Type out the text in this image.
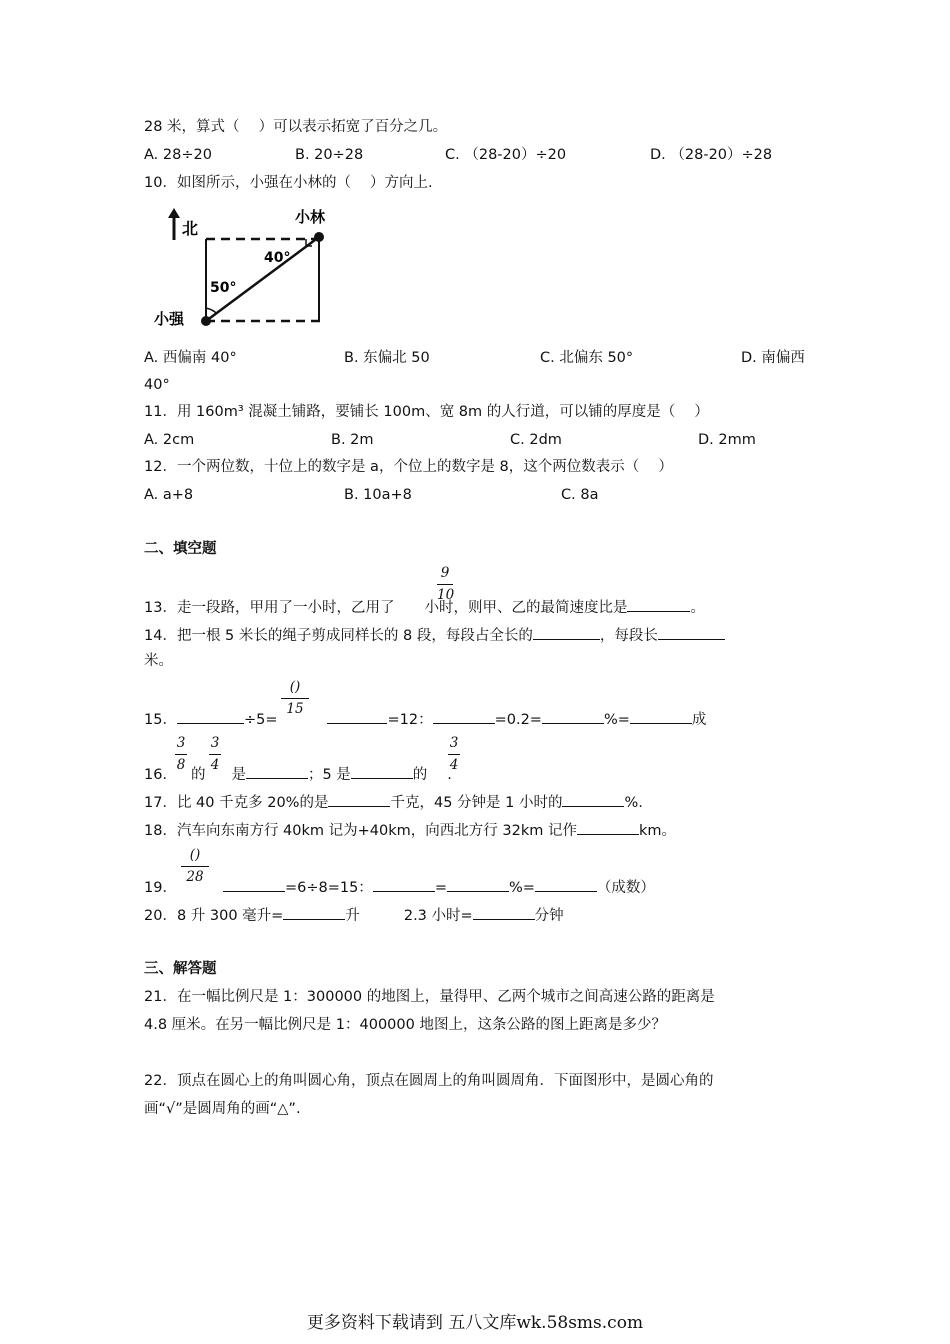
28 米，算式（　 ）可以表示拓宽了百分之几。
A. 28÷20	B. 20÷28	C. （28-20）÷20	D. （28-20）÷28
10．如图所示，小强在小林的（　 ）方向上.
北
小林
小强
40°
50°
A. 西偏南 40°	B. 东偏北 50	C. 北偏东 50°	D. 南偏西
40°
11．用 160m³ 混凝土铺路，要铺长 100m、宽 8m 的人行道，可以铺的厚度是（　 ）
A. 2cm	B. 2m	C. 2dm	D. 2mm
12．一个两位数，十位上的数字是 a，个位上的数字是 8，这个两位数表示（　 ）
A. a+8	B. 10a+8	C. 8a
二、填空题
9
10
13．走一段路，甲用了一小时，乙用了 小时，则甲、乙的最简速度比是	。
14．把一根 5 米长的绳子剪成同样长的 8 段，每段占全长的	，每段长
米。
()
15
15．	÷5=	=12：	=0.2=	%=	成
3
8
3
4
3
4
16． 的 是	；5 是	的 .
17．比 40 千克多 20%的是	千克，45 分钟是 1 小时的	%.
18．汽车向东南方行 40km 记为+40km，向西北方行 32km 记作	km。
()
28
19．	=6÷8=15：	=	%=	（成数）
20．8 升 300 毫升=	升	2.3 小时=	分钟
三、解答题
21．在一幅比例尺是 1：300000 的地图上，量得甲、乙两个城市之间高速公路的距离是
4.8 厘米。在另一幅比例尺是 1：400000 地图上，这条公路的图上距离是多少？
22．顶点在圆心上的角叫圆心角，顶点在圆周上的角叫圆周角．下面图形中，是圆心角的
画“√”是圆周角的画“△”.
更多资料下载请到 五八文库wk.58sms.com
